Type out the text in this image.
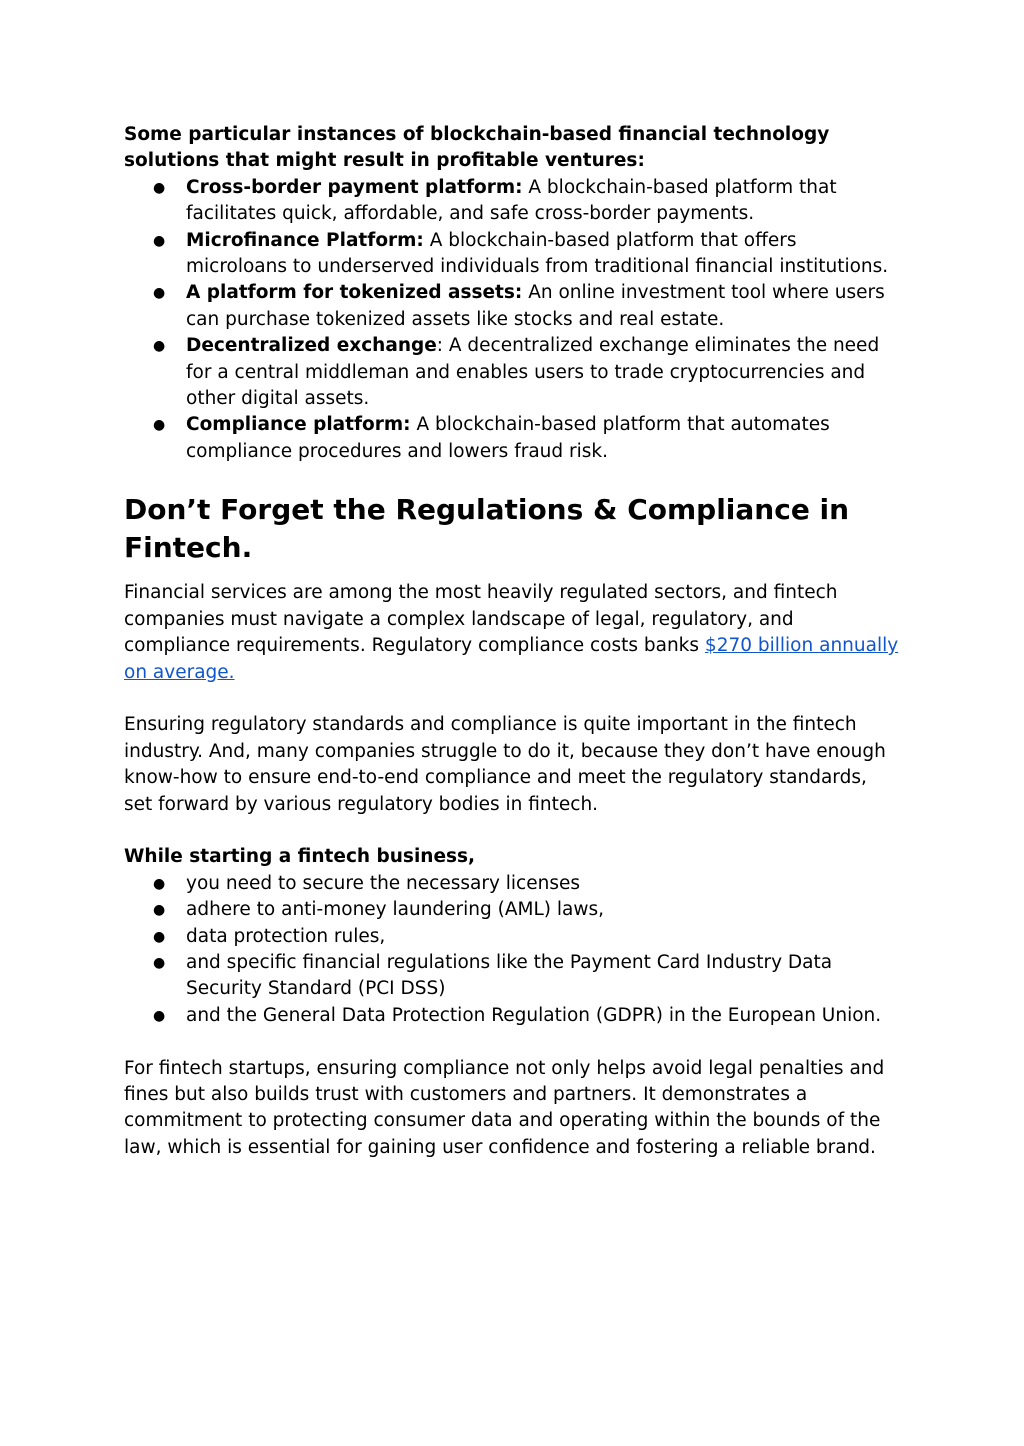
Some particular instances of blockchain-based financial technology solutions that might result in profitable ventures:

● Cross-border payment platform: A blockchain-based platform that facilitates quick, affordable, and safe cross-border payments.
● Microfinance Platform: A blockchain-based platform that offers microloans to underserved individuals from traditional financial institutions.
● A platform for tokenized assets: An online investment tool where users can purchase tokenized assets like stocks and real estate.
● Decentralized exchange: A decentralized exchange eliminates the need for a central middleman and enables users to trade cryptocurrencies and other digital assets.
● Compliance platform: A blockchain-based platform that automates compliance procedures and lowers fraud risk.
Don’t Forget the Regulations & Compliance in Fintech.

Financial services are among the most heavily regulated sectors, and fintech companies must navigate a complex landscape of legal, regulatory, and compliance requirements. Regulatory compliance costs banks $270 billion annually on average.

Ensuring regulatory standards and compliance is quite important in the fintech industry. And, many companies struggle to do it, because they don’t have enough know-how to ensure end-to-end compliance and meet the regulatory standards, set forward by various regulatory bodies in fintech.

While starting a fintech business,

● you need to secure the necessary licenses
● adhere to anti-money laundering (AML) laws,
● data protection rules,
● and specific financial regulations like the Payment Card Industry Data Security Standard (PCI DSS)
● and the General Data Protection Regulation (GDPR) in the European Union.

For fintech startups, ensuring compliance not only helps avoid legal penalties and fines but also builds trust with customers and partners. It demonstrates a commitment to protecting consumer data and operating within the bounds of the law, which is essential for gaining user confidence and fostering a reliable brand.
